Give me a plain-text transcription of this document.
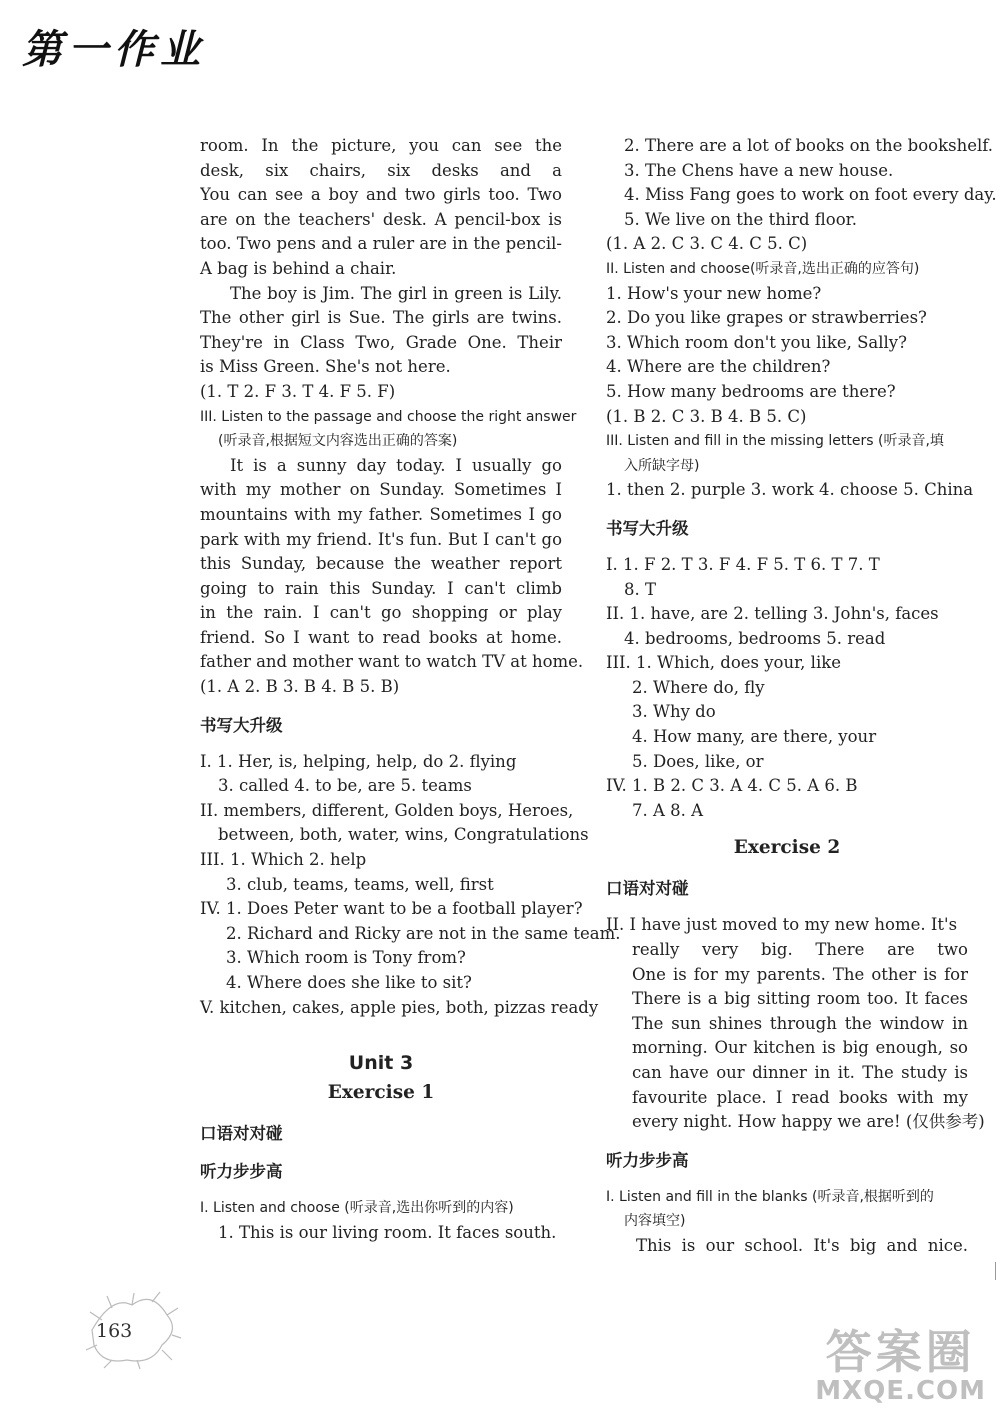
第一作业
room. In the picture, you can see the
desk, six chairs, six desks and a
You can see a boy and two girls too. Two
are on the teachers' desk. A pencil-box is
too. Two pens and a ruler are in the pencil-
A bag is behind a chair.
The boy is Jim. The girl in green is Lily.
The other girl is Sue. The girls are twins.
They're in Class Two, Grade One. Their
is Miss Green. She's not here.
(1. T 2. F 3. T 4. F 5. F)
III. Listen to the passage and choose the right answer
(听录音,根据短文内容选出正确的答案)
It is a sunny day today. I usually go
with my mother on Sunday. Sometimes I
mountains with my father. Sometimes I go
park with my friend. It's fun. But I can't go
this Sunday, because the weather report
going to rain this Sunday. I can't climb
in the rain. I can't go shopping or play
friend. So I want to read books at home.
father and mother want to watch TV at home.
(1. A 2. B 3. B 4. B 5. B)
书写大升级
I. 1. Her, is, helping, help, do 2. flying
3. called 4. to be, are 5. teams
II. members, different, Golden boys, Heroes,
between, both, water, wins, Congratulations
III. 1. Which 2. help
3. club, teams, teams, well, first
IV. 1. Does Peter want to be a football player?
2. Richard and Ricky are not in the same team.
3. Which room is Tony from?
4. Where does she like to sit?
V. kitchen, cakes, apple pies, both, pizzas ready
Unit 3
Exercise 1
口语对对碰
听力步步高
I. Listen and choose (听录音,选出你听到的内容)
1. This is our living room. It faces south.
2. There are a lot of books on the bookshelf.
3. The Chens have a new house.
4. Miss Fang goes to work on foot every day.
5. We live on the third floor.
(1. A 2. C 3. C 4. C 5. C)
II. Listen and choose(听录音,选出正确的应答句)
1. How's your new home?
2. Do you like grapes or strawberries?
3. Which room don't you like, Sally?
4. Where are the children?
5. How many bedrooms are there?
(1. B 2. C 3. B 4. B 5. C)
III. Listen and fill in the missing letters (听录音,填
入所缺字母)
1. then 2. purple 3. work 4. choose 5. China
书写大升级
I. 1. F 2. T 3. F 4. F 5. T 6. T 7. T
8. T
II. 1. have, are 2. telling 3. John's, faces
4. bedrooms, bedrooms 5. read
III. 1. Which, does your, like
2. Where do, fly
3. Why do
4. How many, are there, your
5. Does, like, or
IV. 1. B 2. C 3. A 4. C 5. A 6. B
7. A 8. A
Exercise 2
口语对对碰
II. I have just moved to my new home. It's
really very big. There are two
One is for my parents. The other is for
There is a big sitting room too. It faces
The sun shines through the window in
morning. Our kitchen is big enough, so
can have our dinner in it. The study is
favourite place. I read books with my
every night. How happy we are! (仅供参考)
听力步步高
I. Listen and fill in the blanks (听录音,根据听到的
内容填空)
This is our school. It's big and nice.
163	答案圈
MXQE.COM
